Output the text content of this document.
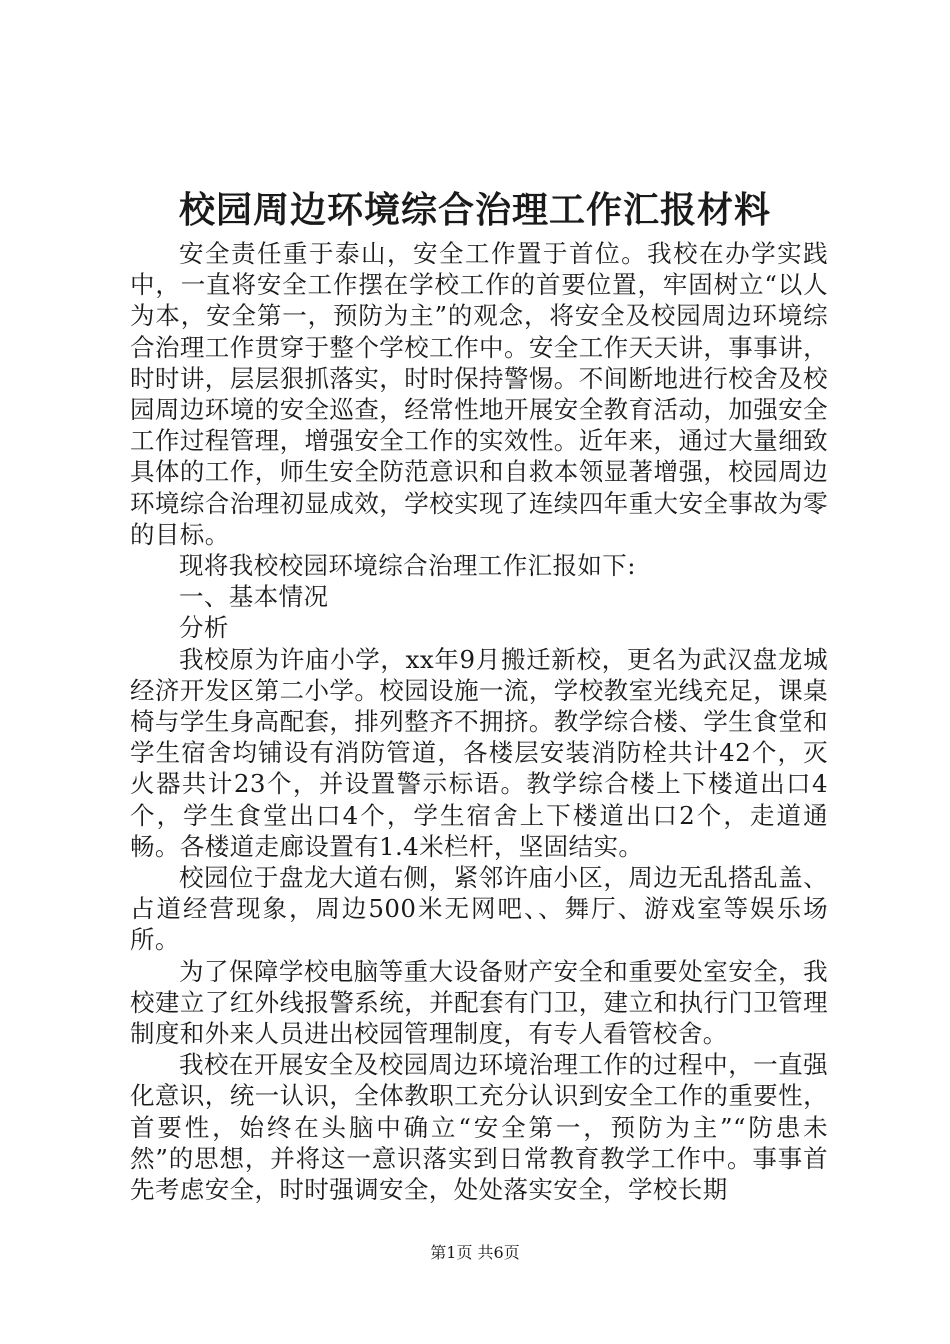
校园周边环境综合治理工作汇报材料

安全责任重于泰山，安全工作置于首位。我校在办学实践中，一直将安全工作摆在学校工作的首要位置，牢固树立“以人为本，安全第一，预防为主”的观念，将安全及校园周边环境综合治理工作贯穿于整个学校工作中。安全工作天天讲，事事讲，时时讲，层层狠抓落实，时时保持警惕。不间断地进行校舍及校园周边环境的安全巡查，经常性地开展安全教育活动，加强安全工作过程管理，增强安全工作的实效性。近年来，通过大量细致具体的工作，师生安全防范意识和自救本领显著增强，校园周边环境综合治理初显成效，学校实现了连续四年重大安全事故为零的目标。

现将我校校园环境综合治理工作汇报如下:

一、基本情况

分析

我校原为许庙小学，xx年9月搬迁新校，更名为武汉盘龙城经济开发区第二小学。校园设施一流，学校教室光线充足，课桌椅与学生身高配套，排列整齐不拥挤。教学综合楼、学生食堂和学生宿舍均铺设有消防管道，各楼层安装消防栓共计42个，灭火器共计23个，并设置警示标语。教学综合楼上下楼道出口4个，学生食堂出口4个，学生宿舍上下楼道出口2个，走道通畅。各楼道走廊设置有1.4米栏杆，坚固结实。

校园位于盘龙大道右侧，紧邻许庙小区，周边无乱搭乱盖、占道经营现象，周边500米无网吧、、舞厅、游戏室等娱乐场所。

为了保障学校电脑等重大设备财产安全和重要处室安全，我校建立了红外线报警系统，并配套有门卫，建立和执行门卫管理制度和外来人员进出校园管理制度，有专人看管校舍。

我校在开展安全及校园周边环境治理工作的过程中，一直强化意识，统一认识，全体教职工充分认识到安全工作的重要性，首要性，始终在头脑中确立“安全第一，预防为主”“防患未然”的思想，并将这一意识落实到日常教育教学工作中。事事首先考虑安全，时时强调安全，处处落实安全，学校长期

第1页 共6页
